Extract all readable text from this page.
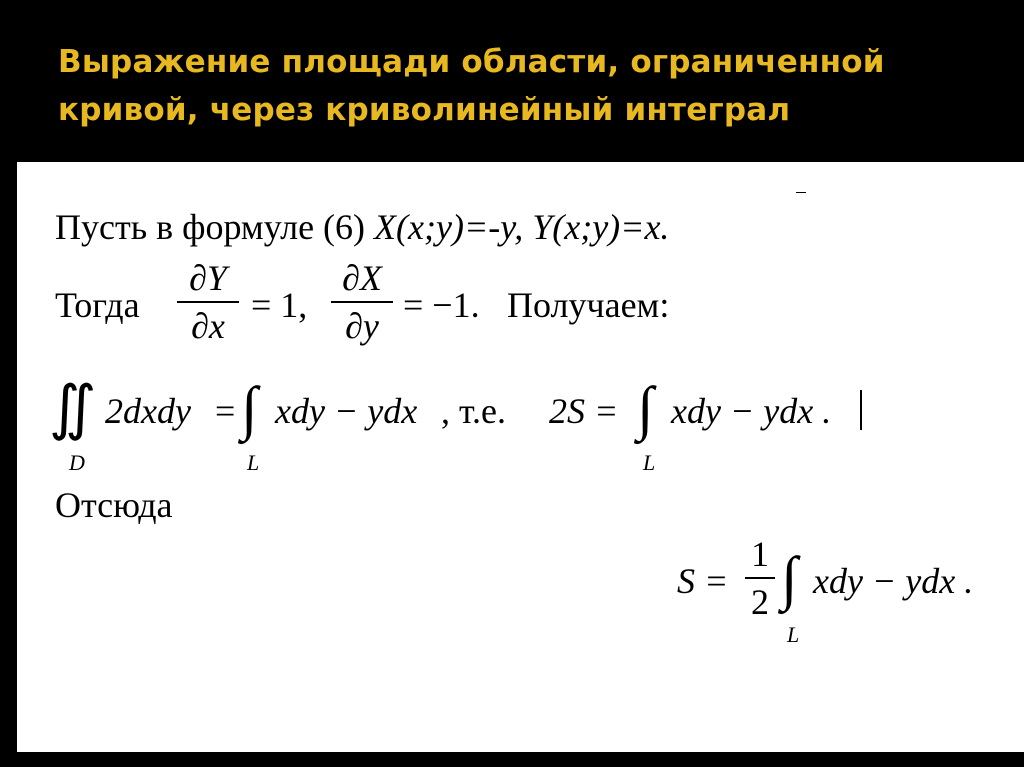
Выражение площади области, ограниченной
кривой, через криволинейный интеграл
Пусть в формуле (6) X(x;y)=-y, Y(x;y)=x.
Тогда
∂Y
∂x
= 1,
∂X
∂y
= −1. Получаем:
∬
D
2dxdy = ∫
L
xdy − ydx , т.е. 2S = ∫
L
xdy − ydx .
Отсюда
S =
1
2 ∫
L
xdy − ydx .
